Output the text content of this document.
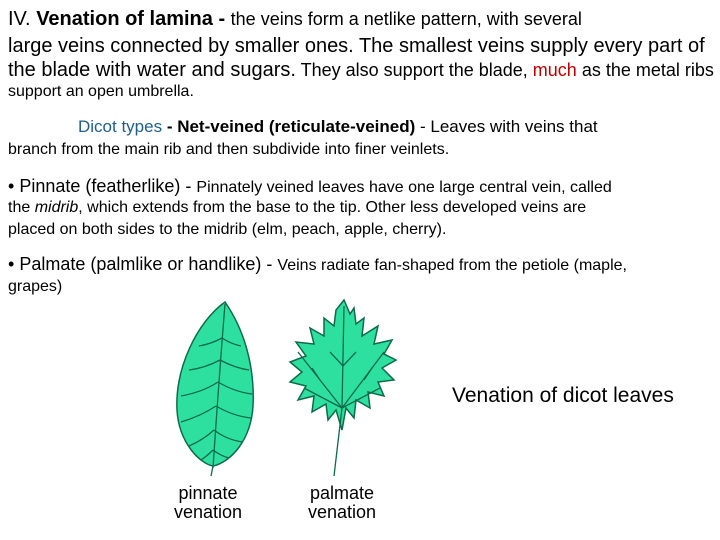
IV. Venation of lamina - the veins form a netlike pattern, with several
large veins connected by smaller ones. The smallest veins supply every part of
the blade with water and sugars. They also support the blade, much as the metal ribs
support an open umbrella.
Dicot types - Net-veined (reticulate-veined) - Leaves with veins that
branch from the main rib and then subdivide into finer veinlets.
• Pinnate (featherlike) - Pinnately veined leaves have one large central vein, called
the midrib, which extends from the base to the tip. Other less developed veins are
placed on both sides to the midrib (elm, peach, apple, cherry).
• Palmate (palmlike or handlike) - Veins radiate fan-shaped from the petiole (maple,
grapes)
Venation of dicot leaves
pinnate
venation
palmate
venation
